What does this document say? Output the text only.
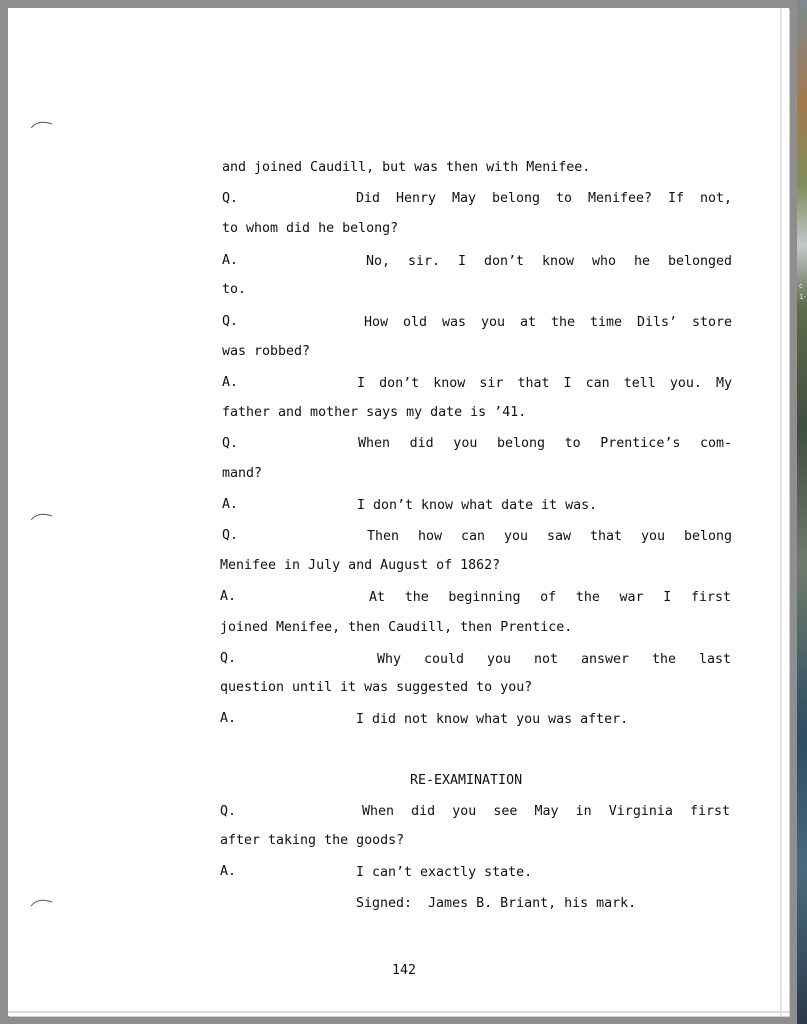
c
1-
and joined Caudill, but was then with Menifee.
Q.	Did Henry May belong to Menifee? If not,
to whom did he belong?
A.	No, sir. I don’t know who he belonged
to.
Q.	How old was you at the time Dils’ store
was robbed?
A.	I don’t know sir that I can tell you. My
father and mother says my date is ’41.
Q.	When did you belong to Prentice’s com-
mand?
A.	I don’t know what date it was.
Q.	Then how can you saw that you belong
Menifee in July and August of 1862?
A.	At the beginning of the war I first
joined Menifee, then Caudill, then Prentice.
Q.	Why could you not answer the last
question until it was suggested to you?
A.	I did not know what you was after.
RE-EXAMINATION
Q.	When did you see May in Virginia first
after taking the goods?
A.	I can’t exactly state.
Signed:  James B. Briant, his mark.
142
